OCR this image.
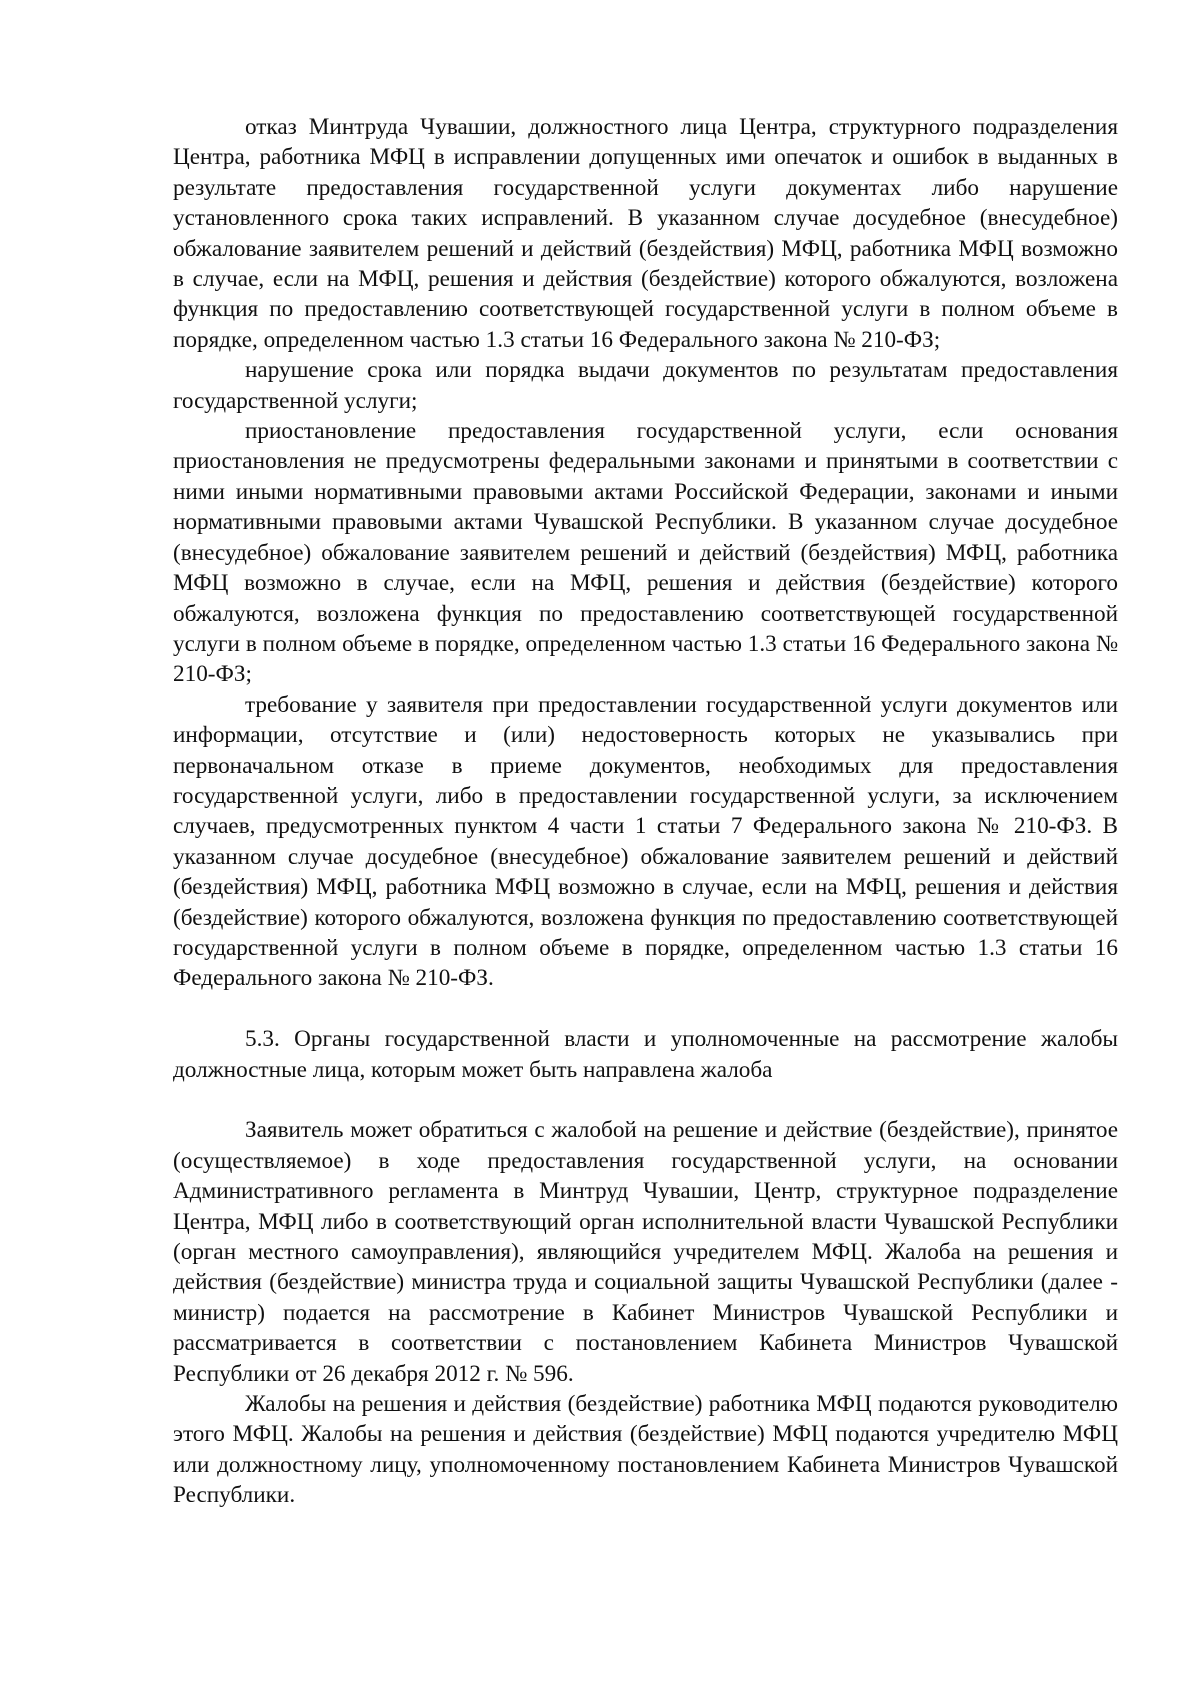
отказ Минтруда Чувашии, должностного лица Центра, структурного подразделения Центра, работника МФЦ в исправлении допущенных ими опечаток и ошибок в выданных в результате предоставления государственной услуги документах либо нарушение установленного срока таких исправлений. В указанном случае досудебное (внесудебное) обжалование заявителем решений и действий (бездействия) МФЦ, работника МФЦ возможно в случае, если на МФЦ, решения и действия (бездействие) которого обжалуются, возложена функция по предоставлению соответствующей государственной услуги в полном объеме в порядке, определенном частью 1.3 статьи 16 Федерального закона № 210-ФЗ;

нарушение срока или порядка выдачи документов по результатам предоставления государственной услуги;

приостановление предоставления государственной услуги, если основания приостановления не предусмотрены федеральными законами и принятыми в соответствии с ними иными нормативными правовыми актами Российской Федерации, законами и иными нормативными правовыми актами Чувашской Республики. В указанном случае досудебное (внесудебное) обжалование заявителем решений и действий (бездействия) МФЦ, работника МФЦ возможно в случае, если на МФЦ, решения и действия (бездействие) которого обжалуются, возложена функция по предоставлению соответствующей государственной услуги в полном объеме в порядке, определенном частью 1.3 статьи 16 Федерального закона № 210-ФЗ;

требование у заявителя при предоставлении государственной услуги документов или информации, отсутствие и (или) недостоверность которых не указывались при первоначальном отказе в приеме документов, необходимых для предоставления государственной услуги, либо в предоставлении государственной услуги, за исключением случаев, предусмотренных пунктом 4 части 1 статьи 7 Федерального закона № 210-ФЗ. В указанном случае досудебное (внесудебное) обжалование заявителем решений и действий (бездействия) МФЦ, работника МФЦ возможно в случае, если на МФЦ, решения и действия (бездействие) которого обжалуются, возложена функция по предоставлению соответствующей государственной услуги в полном объеме в порядке, определенном частью 1.3 статьи 16 Федерального закона № 210-ФЗ.

5.3. Органы государственной власти и уполномоченные на рассмотрение жалобы должностные лица, которым может быть направлена жалоба

Заявитель может обратиться с жалобой на решение и действие (бездействие), принятое (осуществляемое) в ходе предоставления государственной услуги, на основании Административного регламента в Минтруд Чувашии, Центр, структурное подразделение Центра, МФЦ либо в соответствующий орган исполнительной власти Чувашской Республики (орган местного самоуправления), являющийся учредителем МФЦ. Жалоба на решения и действия (бездействие) министра труда и социальной защиты Чувашской Республики (далее - министр) подается на рассмотрение в Кабинет Министров Чувашской Республики и рассматривается в соответствии с постановлением Кабинета Министров Чувашской Республики от 26 декабря 2012 г. № 596.

Жалобы на решения и действия (бездействие) работника МФЦ подаются руководителю этого МФЦ. Жалобы на решения и действия (бездействие) МФЦ подаются учредителю МФЦ или должностному лицу, уполномоченному постановлением Кабинета Министров Чувашской Республики.
